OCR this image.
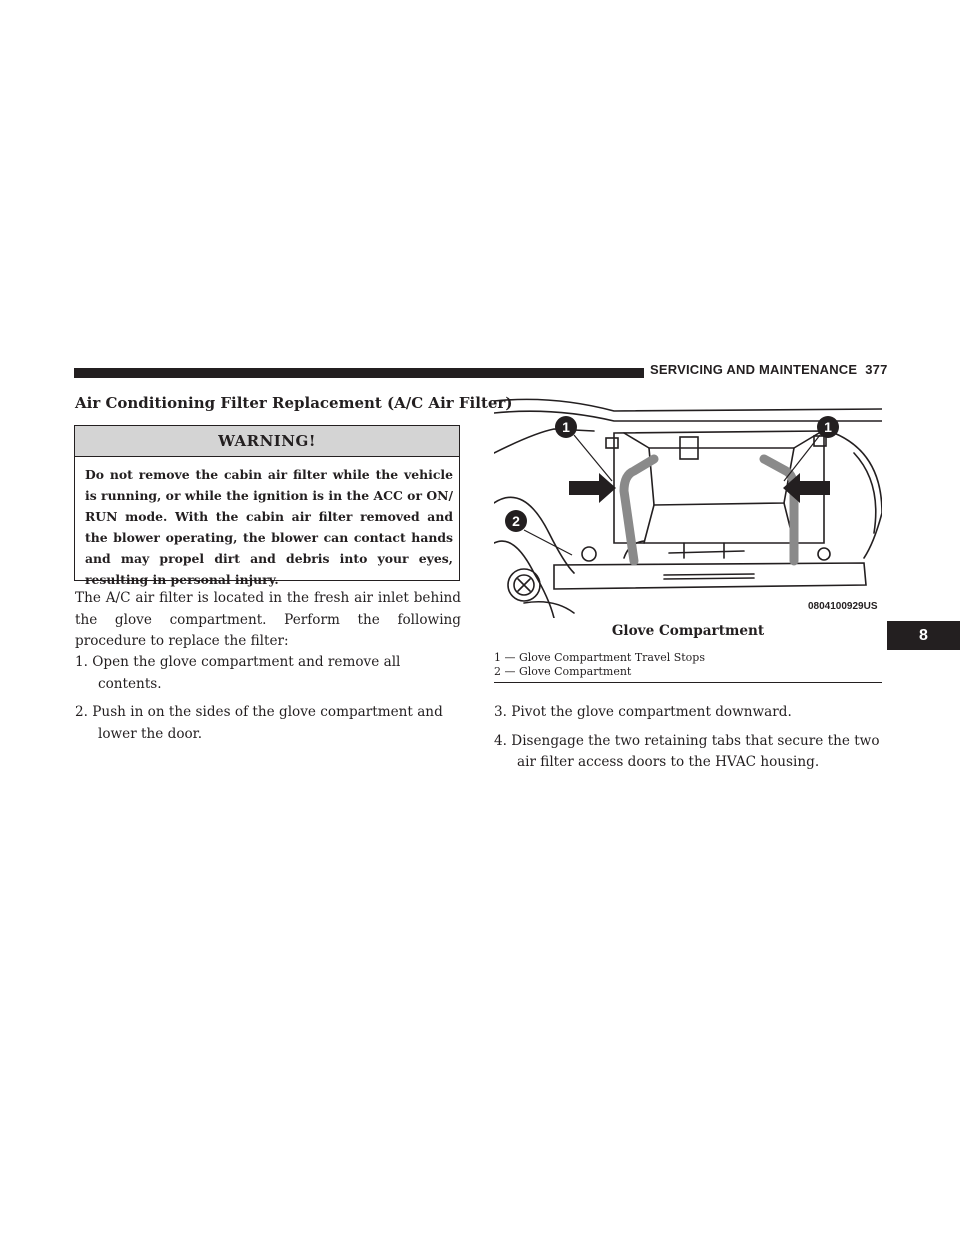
SERVICING AND MAINTENANCE 377
Air Conditioning Filter Replacement (A/C Air Filter)
WARNING!
Do not remove the cabin air filter while the vehicle is running, or while the ignition is in the ACC or ON/ RUN mode. With the cabin air filter removed and the blower operating, the blower can contact hands and may propel dirt and debris into your eyes, resulting in personal injury.
The A/C air filter is located in the fresh air inlet behind the glove compartment. Perform the following procedure to replace the filter:
1. Open the glove compartment and remove all contents.
2. Push in on the sides of the glove compartment and lower the door.
1	1
2
0804100929US
Glove Compartment
1 — Glove Compartment Travel Stops
2 — Glove Compartment
3. Pivot the glove compartment downward.
4. Disengage the two retaining tabs that secure the two air filter access doors to the HVAC housing.
8
